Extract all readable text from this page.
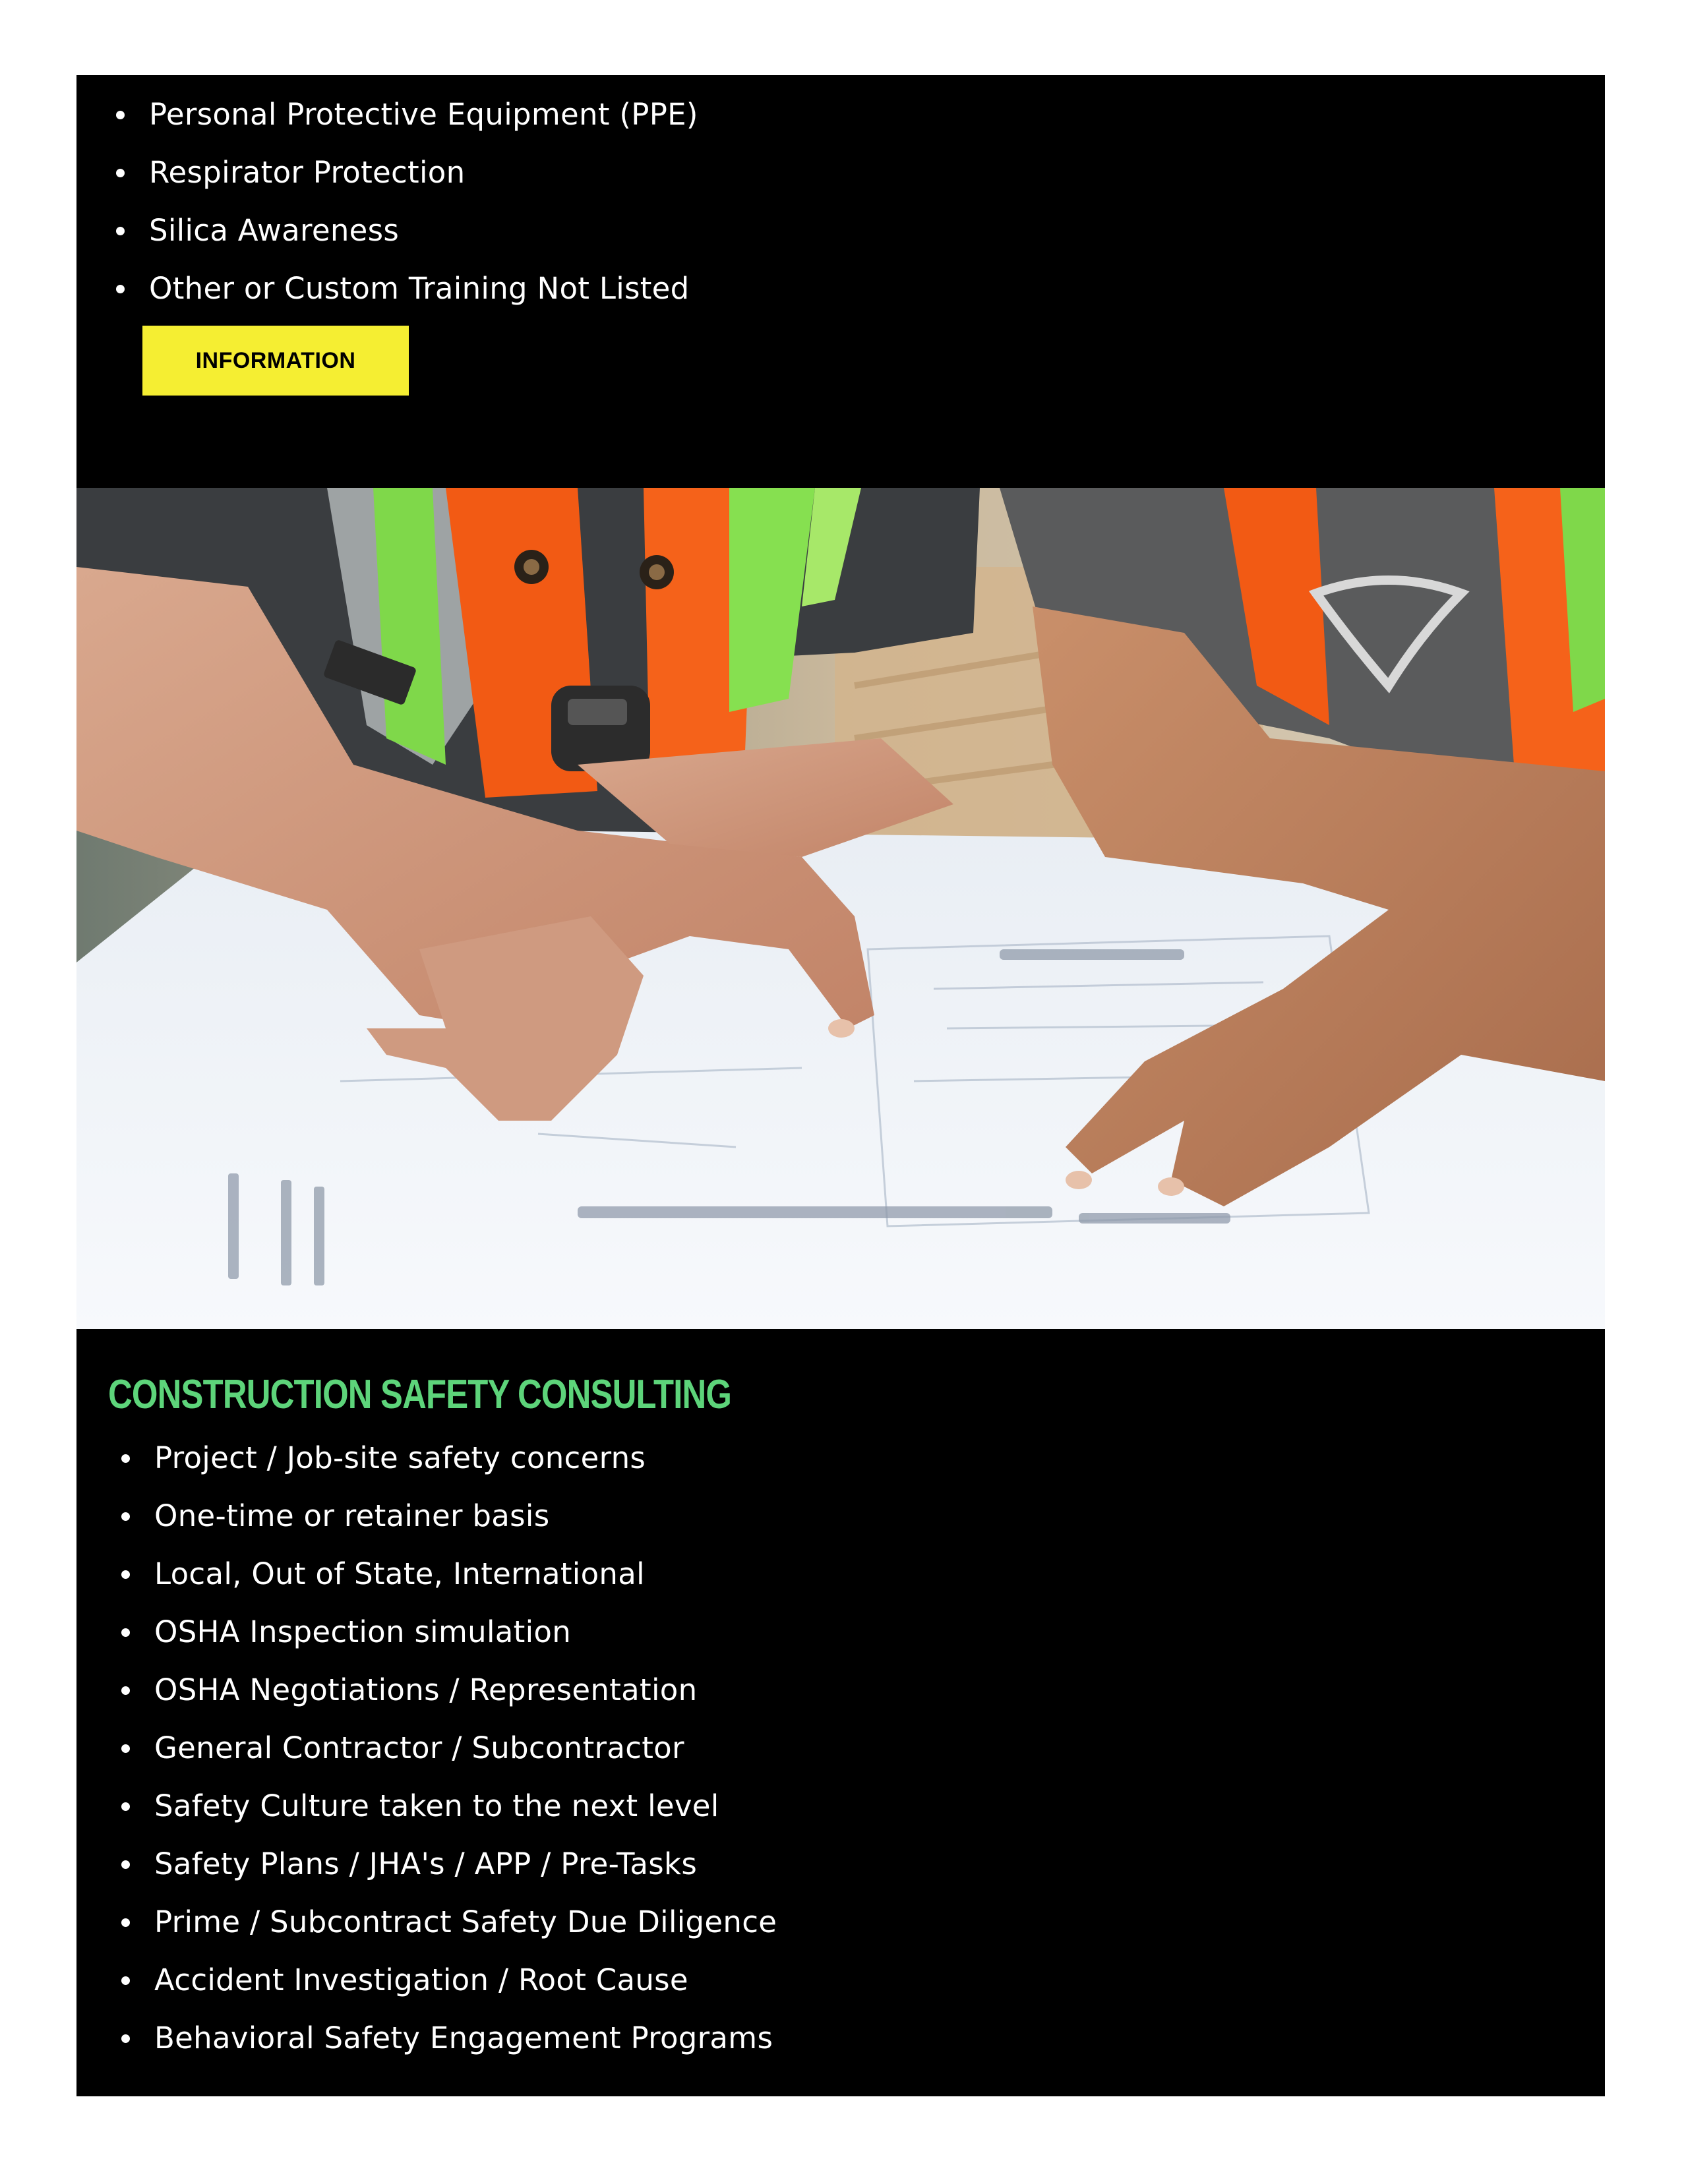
Personal Protective Equipment (PPE)
Respirator Protection
Silica Awareness
Other or Custom Training Not Listed
INFORMATION
CONSTRUCTION SAFETY CONSULTING
Project / Job-site safety concerns
One-time or retainer basis
Local, Out of State, International
OSHA Inspection simulation
OSHA Negotiations / Representation
General Contractor / Subcontractor
Safety Culture taken to the next level
Safety Plans / JHA's / APP / Pre-Tasks
Prime / Subcontract Safety Due Diligence
Accident Investigation / Root Cause
Behavioral Safety Engagement Programs
